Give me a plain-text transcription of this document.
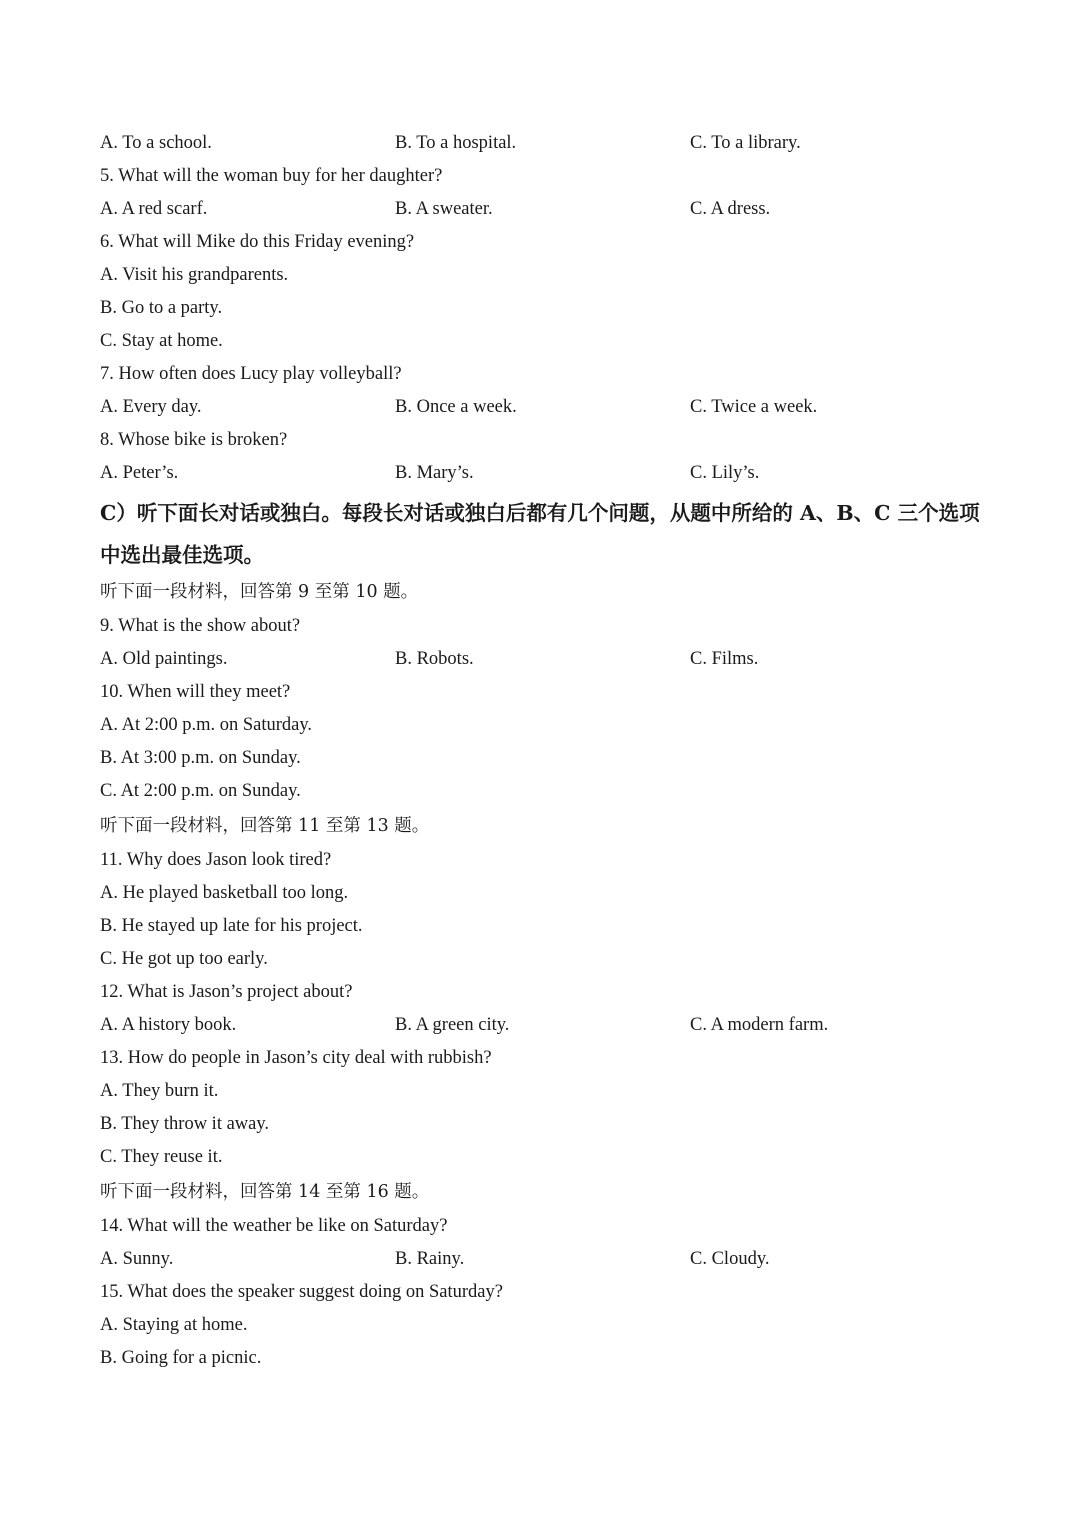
A. To a school.	B. To a hospital.	C. To a library.
5. What will the woman buy for her daughter?
A. A red scarf.	B. A sweater.	C. A dress.
6. What will Mike do this Friday evening?
A. Visit his grandparents.
B. Go to a party.
C. Stay at home.
7. How often does Lucy play volleyball?
A. Every day.	B. Once a week.	C. Twice a week.
8. Whose bike is broken?
A. Peter’s.	B. Mary’s.	C. Lily’s.
C）听下面长对话或独白。每段长对话或独白后都有几个问题，从题中所给的 A、B、C 三个选项中选出最佳选项。
听下面一段材料，回答第 9 至第 10 题。
9. What is the show about?
A. Old paintings.	B. Robots.	C. Films.
10. When will they meet?
A. At 2:00 p.m. on Saturday.
B. At 3:00 p.m. on Sunday.
C. At 2:00 p.m. on Sunday.
听下面一段材料，回答第 11 至第 13 题。
11. Why does Jason look tired?
A. He played basketball too long.
B. He stayed up late for his project.
C. He got up too early.
12. What is Jason’s project about?
A. A history book.	B. A green city.	C. A modern farm.
13. How do people in Jason’s city deal with rubbish?
A. They burn it.
B. They throw it away.
C. They reuse it.
听下面一段材料，回答第 14 至第 16 题。
14. What will the weather be like on Saturday?
A. Sunny.	B. Rainy.	C. Cloudy.
15. What does the speaker suggest doing on Saturday?
A. Staying at home.
B. Going for a picnic.
